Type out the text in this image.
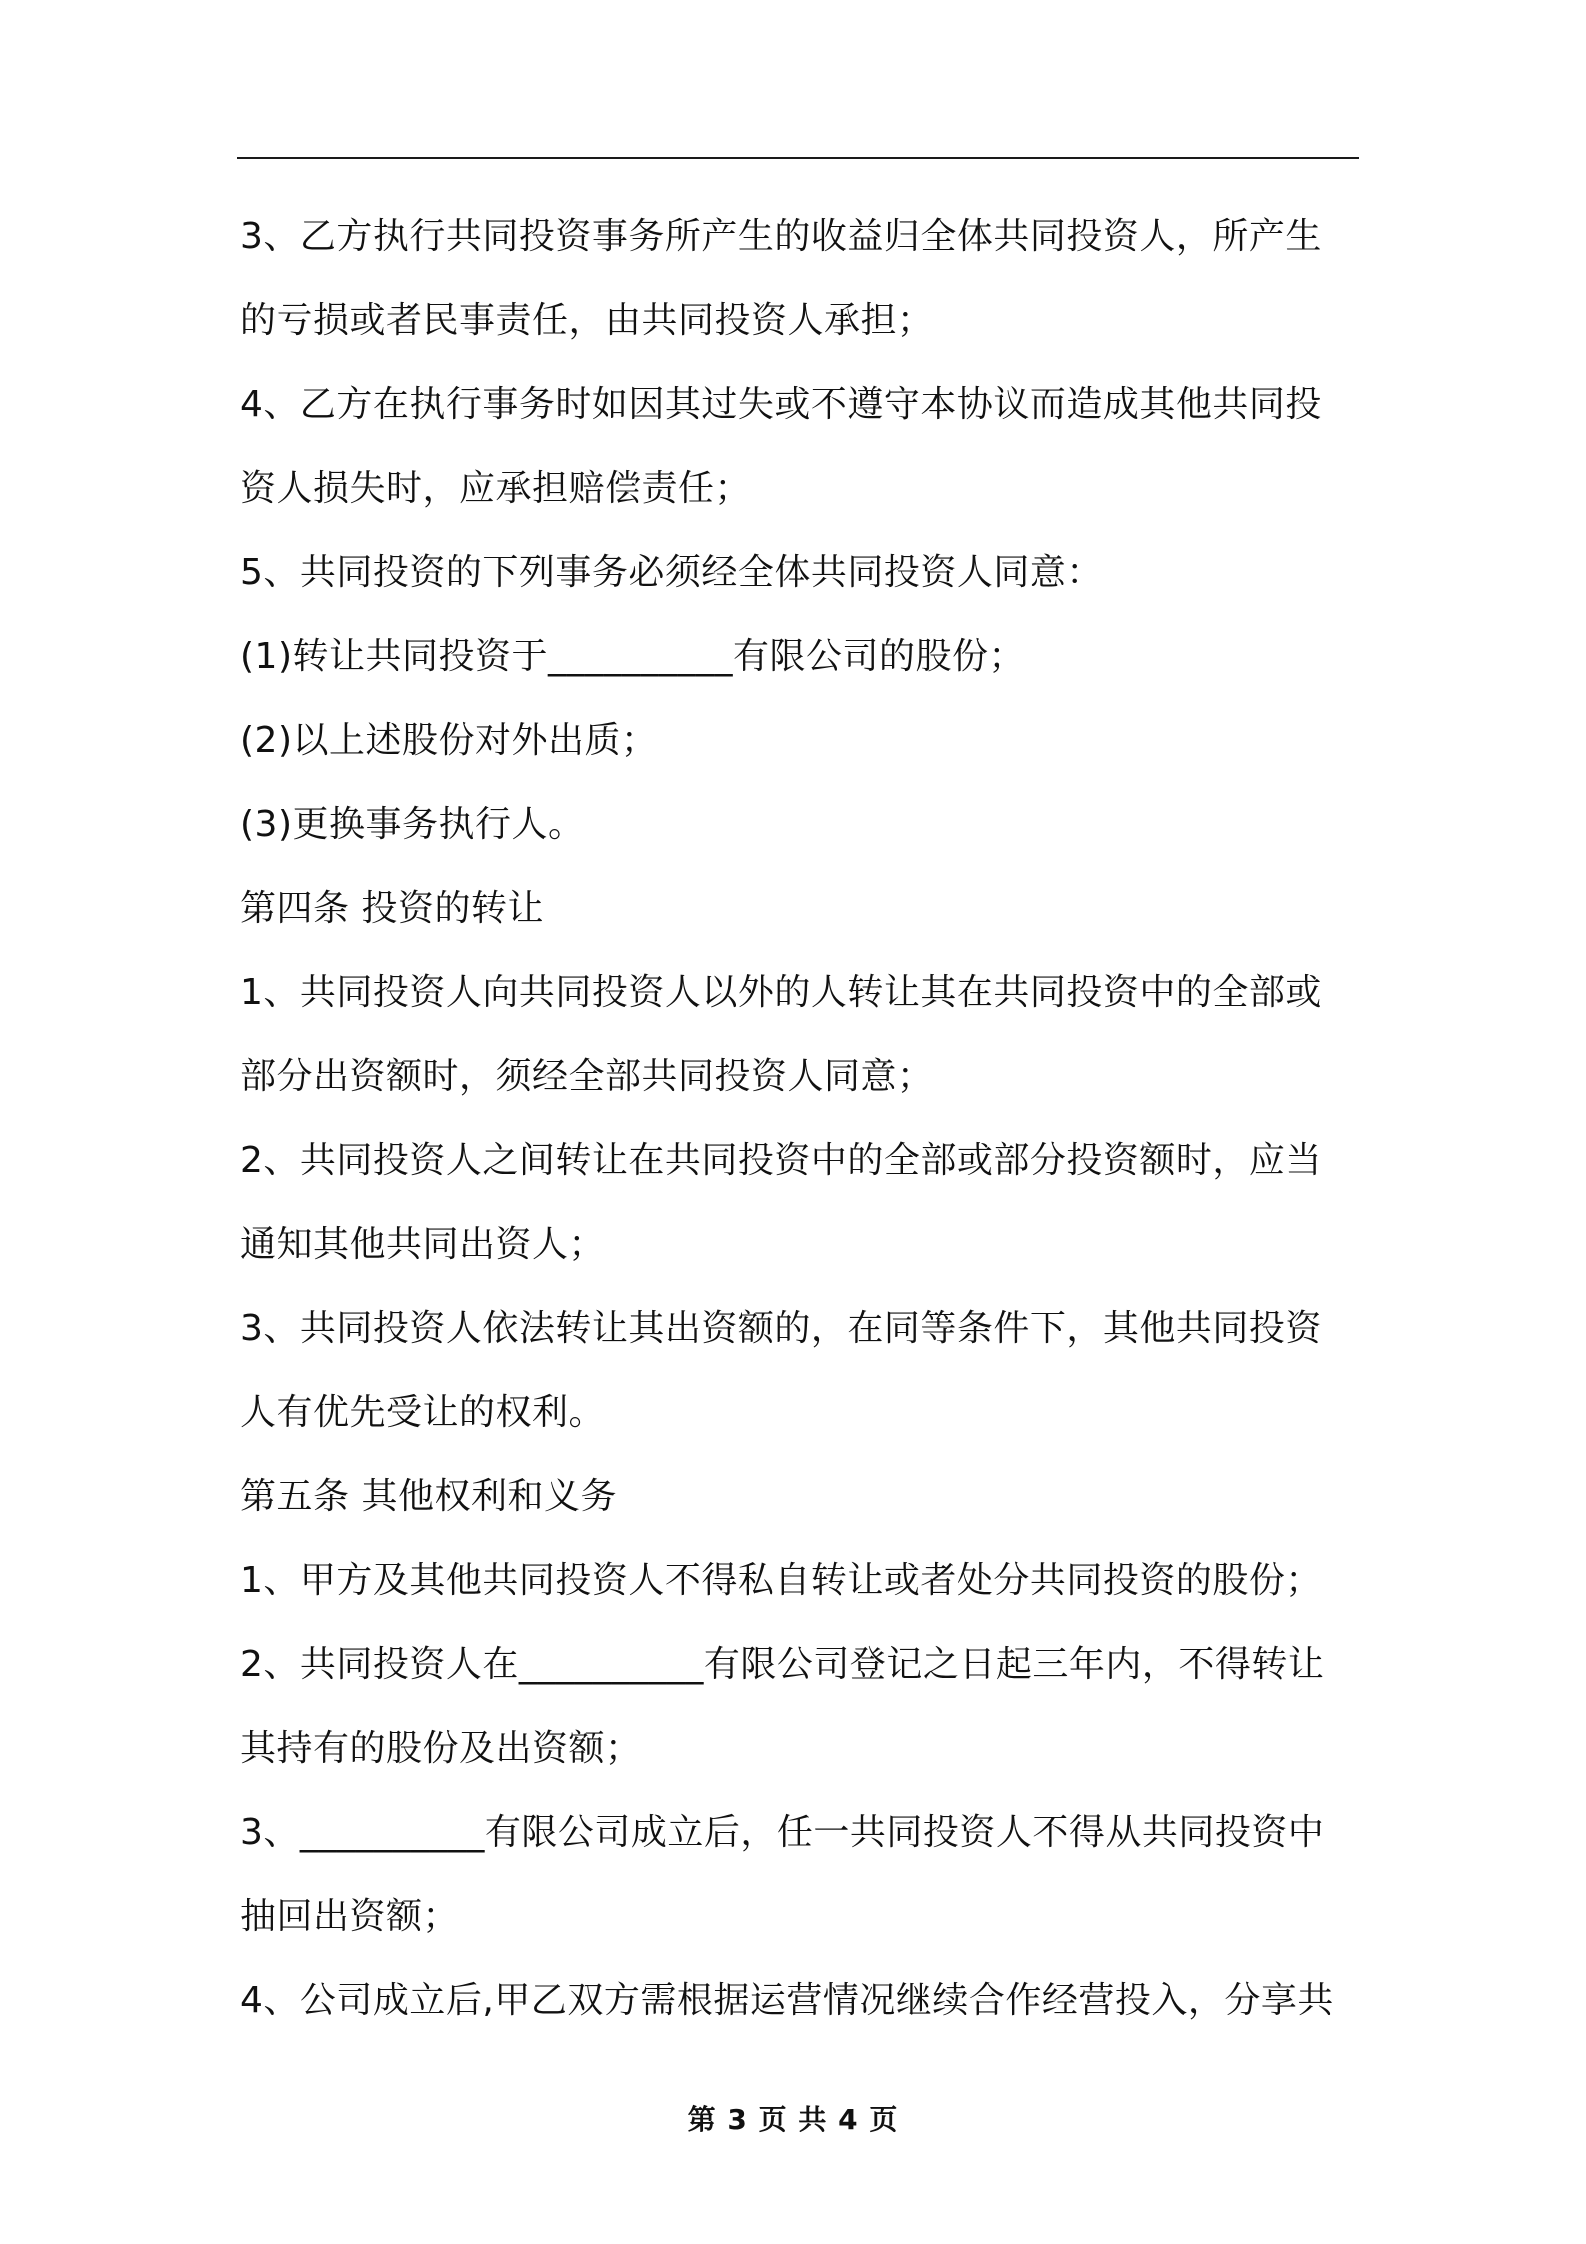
3、乙方执行共同投资事务所产生的收益归全体共同投资人，所产生
的亏损或者民事责任，由共同投资人承担；
4、乙方在执行事务时如因其过失或不遵守本协议而造成其他共同投
资人损失时，应承担赔偿责任；
5、共同投资的下列事务必须经全体共同投资人同意：
(1)转让共同投资于__________有限公司的股份；
(2)以上述股份对外出质；
(3)更换事务执行人。
第四条 投资的转让
1、共同投资人向共同投资人以外的人转让其在共同投资中的全部或
部分出资额时，须经全部共同投资人同意；
2、共同投资人之间转让在共同投资中的全部或部分投资额时，应当
通知其他共同出资人；
3、共同投资人依法转让其出资额的，在同等条件下，其他共同投资
人有优先受让的权利。
第五条 其他权利和义务
1、甲方及其他共同投资人不得私自转让或者处分共同投资的股份；
2、共同投资人在__________有限公司登记之日起三年内，不得转让
其持有的股份及出资额；
3、__________有限公司成立后，任一共同投资人不得从共同投资中
抽回出资额；
4、公司成立后,甲乙双方需根据运营情况继续合作经营投入，分享共
第 3 页 共 4 页
